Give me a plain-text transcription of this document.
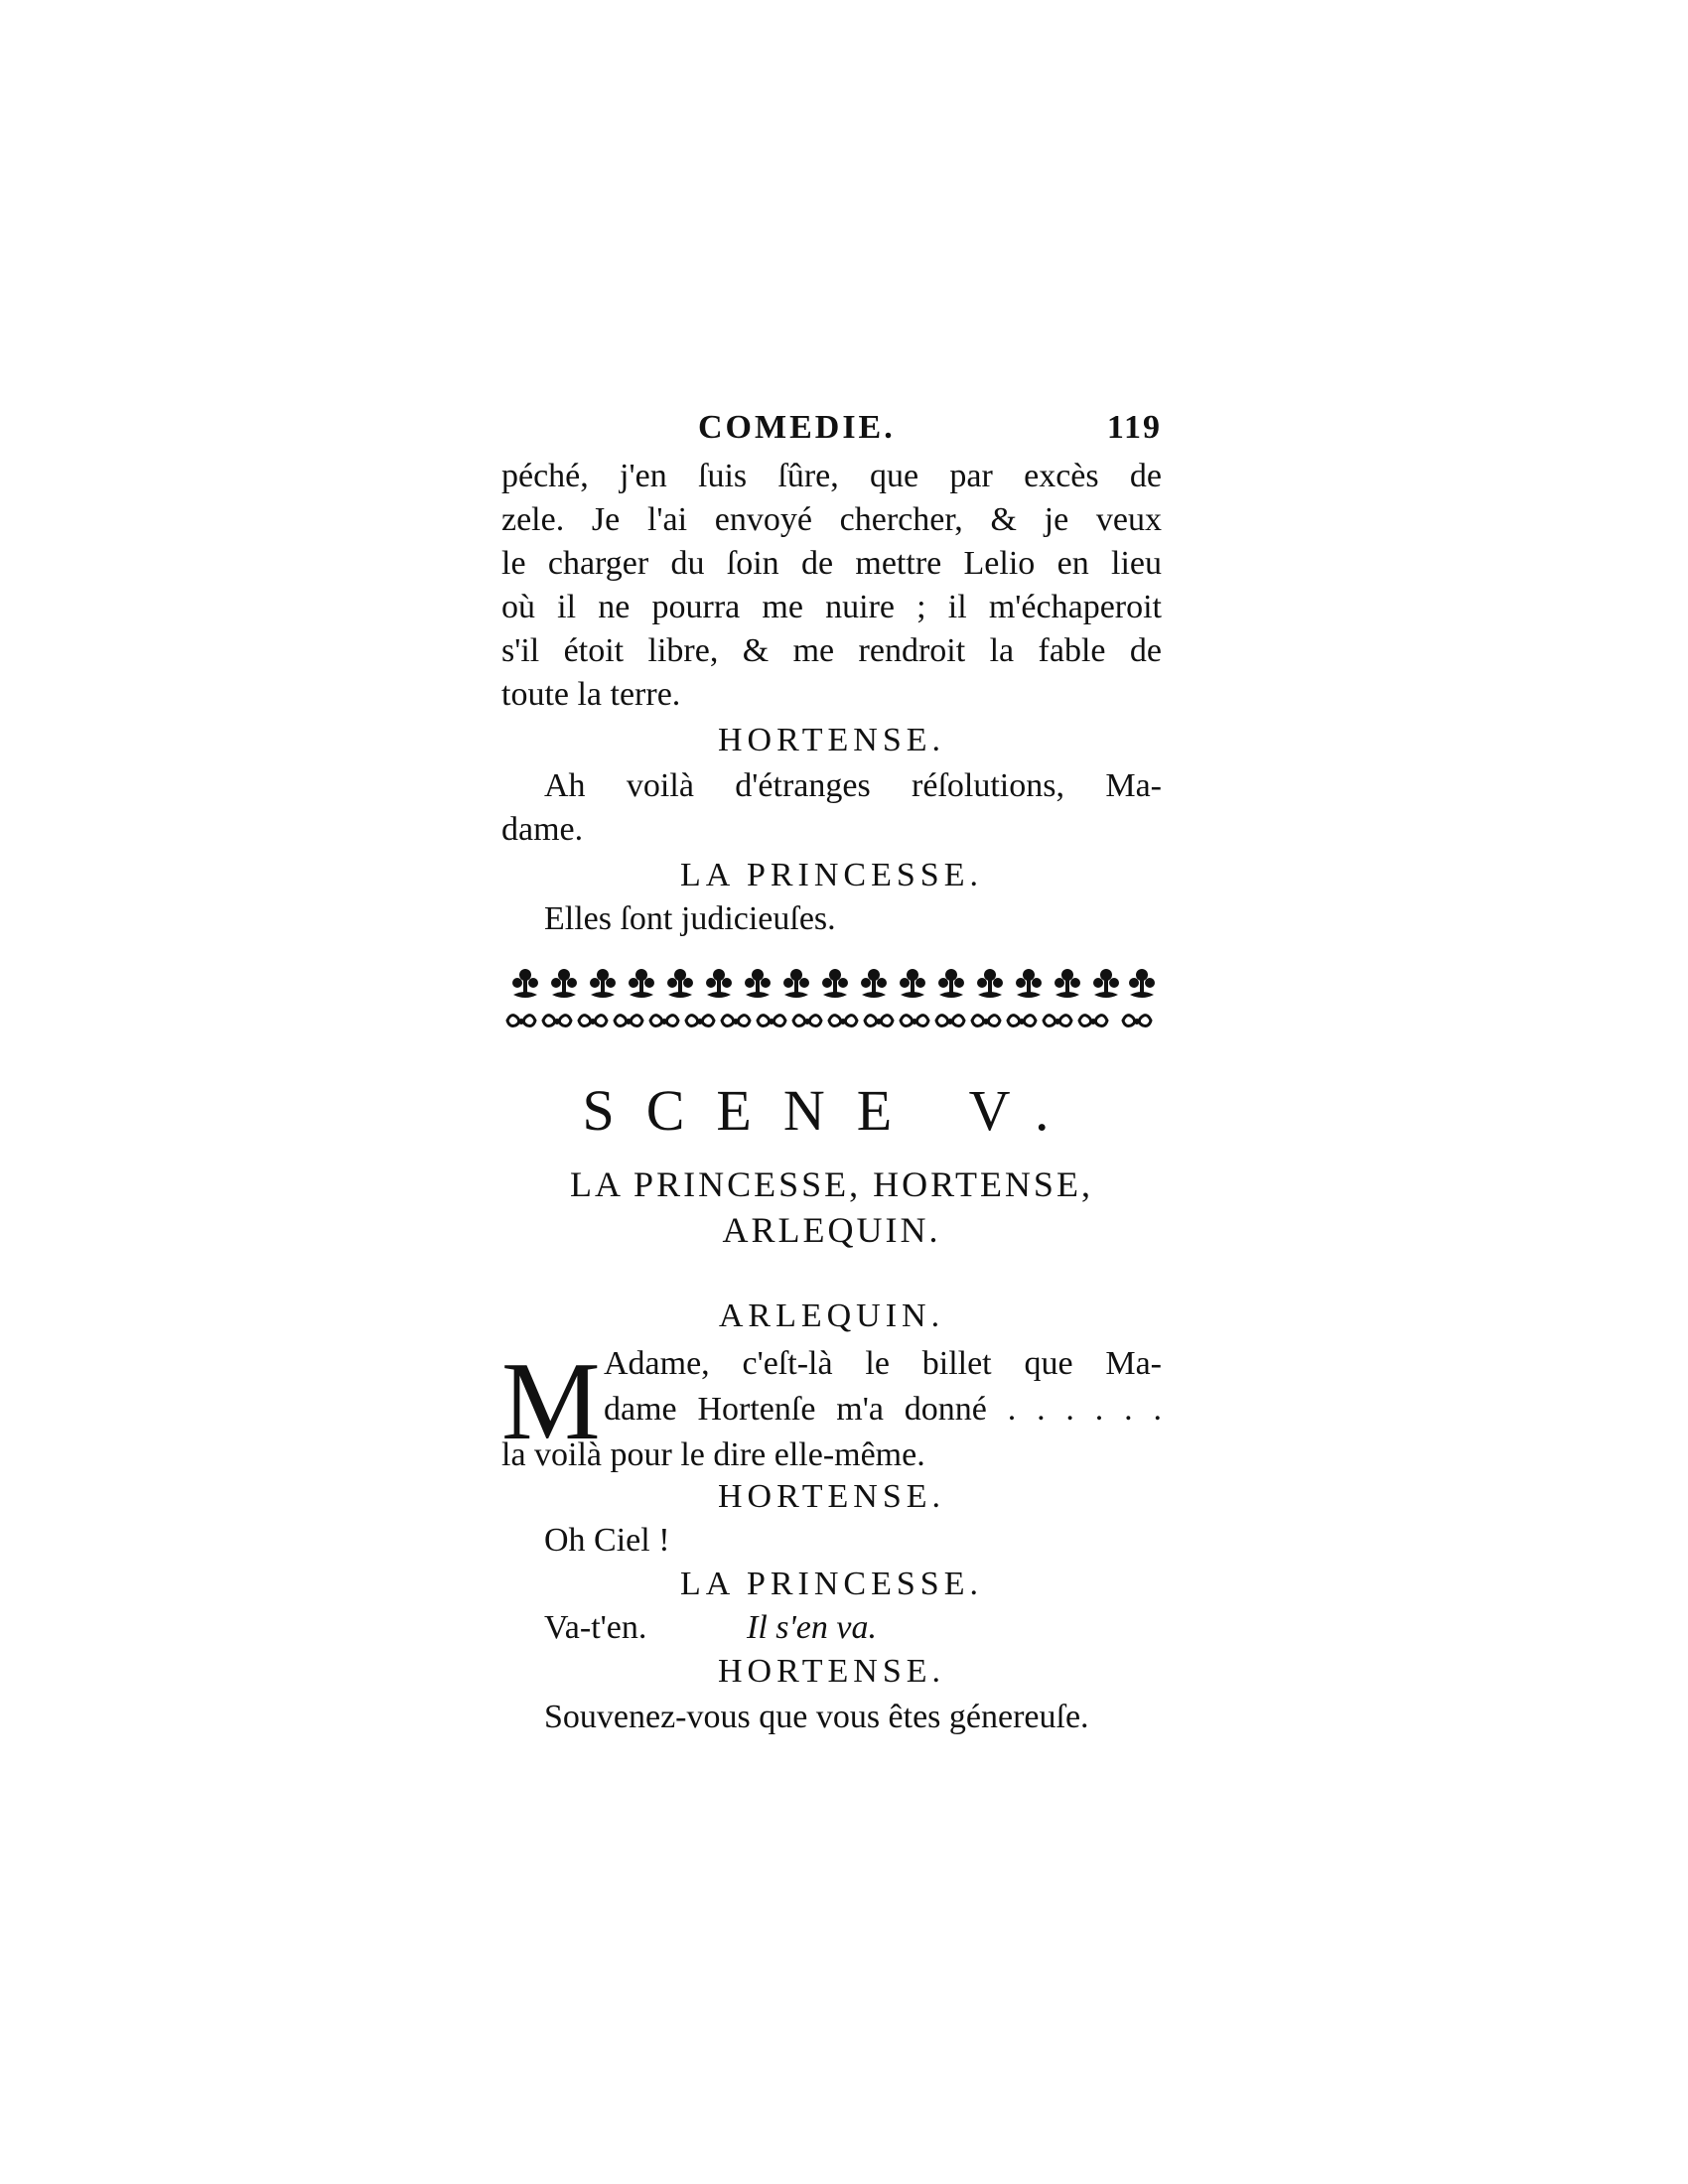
COMEDIE.	119
péché, j'en ſuis ſûre, que par excès de
zele. Je l'ai envoyé chercher, & je veux
le charger du ſoin de mettre Lelio en lieu
où il ne pourra me nuire ; il m'échaperoit
s'il étoit libre, & me rendroit la fable de
toute la terre.
HORTENSE.
Ah voilà d'étranges réſolutions, Ma-
dame.
LA PRINCESSE.
Elles ſont judicieuſes.
SCENE V.
LA PRINCESSE, HORTENSE,
ARLEQUIN.
ARLEQUIN.
M Adame, c'eſt-là le billet que Ma-
dame Hortenſe m'a donné . . . . . .
la voilà pour le dire elle-même.
HORTENSE.
Oh Ciel !
LA PRINCESSE.
Va-t'en.	Il s'en va.
HORTENSE.
Souvenez-vous que vous êtes génereuſe.
